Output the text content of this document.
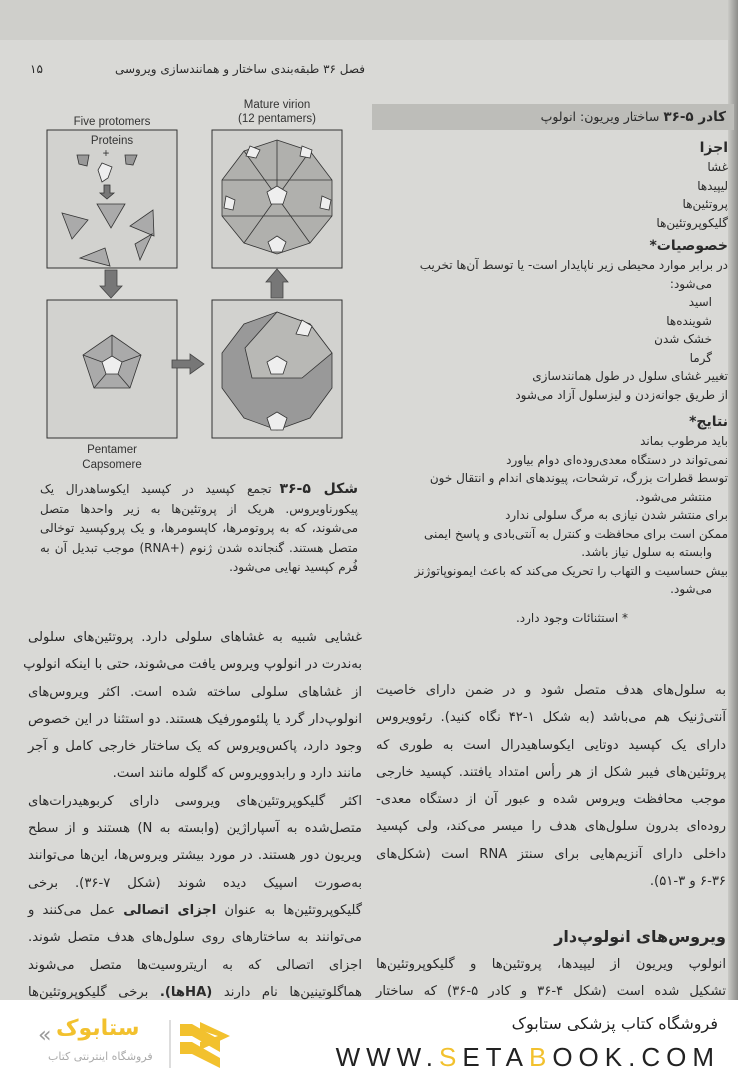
فصل ۳۶ طبقه‌بندی ساختار و همانندسازی ویروسی
۱۵
Five protomers
Proteins
+
Mature virion
(12 pentamers)
Pentamer
Capsomere
شکل ۵-۳۶تجمع کپسید در کپسید ایکوساهدرال یک
پیکورناویروس. هریک از پروتئین‌ها به زیر واحدها متصل
می‌شوند، که به پروتومرها، کاپسومرها، و یک پروکپسید توخالی
متصل هستند. گنجانده شدن ژنوم (+RNA) موجب تبدیل آن به
فُرم کپسید نهایی می‌شود.
کادر ۵-۳۶ ساختار ویریون: انولوپ
اجزا
غشا
لیپیدها
پروتئین‌ها
گلیکوپروتئین‌ها
خصوصیات*
در برابر موارد محیطی زیر ناپایدار است- یا توسط آن‌ها تخریب
می‌شود:
اسید
شوینده‌ها
خشک شدن
گرما
تغییر غشای سلول در طول همانندسازی
از طریق جوانه‌زدن و لیزسلول آزاد می‌شود
نتایج*
باید مرطوب بماند
نمی‌تواند در دستگاه معدی‌روده‌ای دوام بیاورد
توسط قطرات بزرگ، ترشحات، پیوندهای اندام و انتقال خون
منتشر می‌شود.
برای منتشر شدن نیازی به مرگ سلولی ندارد
ممکن است برای محافظت و کنترل به آنتی‌بادی و پاسخ ایمنی
وابسته به سلول نیاز باشد.
بیش حساسیت و التهاب را تحریک می‌کند که باعث ایمونوپاتوژنز
می‌شود.
* استثنائات وجود دارد.
غشایی شبیه به غشاهای سلولی دارد. پروتئین‌های سلولی
به‌ندرت در انولوپ ویروس یافت می‌شوند، حتی با اینکه انولوپ
از غشاهای سلولی ساخته شده است. اکثر ویروس‌های
انولوپ‌دار گرد یا پلئومورفیک هستند. دو استثنا در این خصوص
وجود دارد، پاکس‌ویروس که یک ساختار خارجی کامل و آجر
مانند دارد و رابدوویروس که گلوله مانند است.
اکثر گلیکوپروتئین‌های ویروسی دارای کربوهیدرات‌های
متصل‌شده به آسپاراژین (وابسته به N) هستند و از سطح
ویریون دور هستند. در مورد بیشتر ویروس‌ها، این‌ها می‌توانند
به‌صورت اسپیک دیده شوند (شکل ۷-۳۶). برخی
گلیکوپروتئین‌ها به عنوان اجزای اتصالی عمل می‌کنند و
می‌توانند به ساختارهای روی سلول‌های هدف متصل شوند.
اجزای اتصالی که به اریتروسیت‌ها متصل می‌شوند
هماگلوتینین‌ها نام دارند (HAها). برخی گلیکوپروتئین‌ها
به سلول‌های هدف متصل شود و در ضمن دارای خاصیت
آنتی‌ژنیک هم می‌باشد (به شکل ۱-۴۲ نگاه کنید). رئوویروس
دارای یک کپسید دوتایی ایکوساهیدرال است به طوری که
پروتئین‌های فیبر شکل از هر رأس امتداد یافتند. کپسید خارجی
موجب محافظت ویروس شده و عبور آن از دستگاه معدی-
روده‌ای بدرون سلول‌های هدف را میسر می‌کند، ولی کپسید
داخلی دارای آنزیم‌هایی برای سنتز RNA است (شکل‌های
۶-۳۶ و ۳-۵۱).
ویروس‌های انولوپ‌دار
انولوپ ویریون از لیپیدها، پروتئین‌ها و گلیکوپروتئین‌ها
تشکیل شده است (شکل ۴-۳۶ و کادر ۵-۳۶) که ساختار
فروشگاه کتاب پزشکی ستابوک
WWW.SETABOOK.COM
« ستابوک
فروشگاه اینترنتی کتاب
